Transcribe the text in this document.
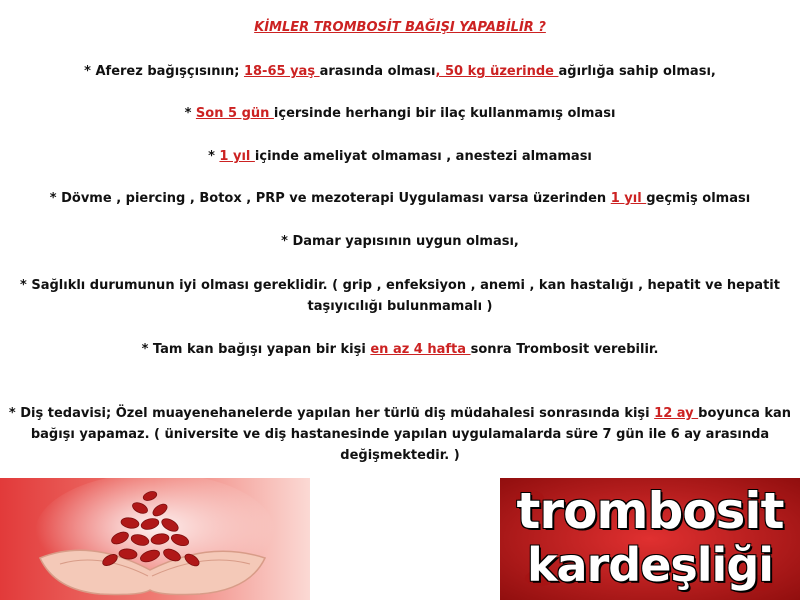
KİMLER TROMBOSİT BAĞIŞI YAPABİLİR ?
* Aferez bağışçısının; 18-65 yaş arasında olması, 50 kg üzerinde ağırlığa sahip olması,
* Son 5 gün içersinde herhangi bir ilaç kullanmamış olması
* 1 yıl içinde ameliyat olmaması , anestezi almaması
* Dövme , piercing , Botox , PRP ve mezoterapi Uygulaması varsa üzerinden 1 yıl geçmiş olması
* Damar yapısının uygun olması,
* Sağlıklı durumunun iyi olması gereklidir. ( grip , enfeksiyon , anemi , kan hastalığı , hepatit ve hepatit taşıyıcılığı bulunmamalı )
* Tam kan bağışı yapan bir kişi en az 4 hafta sonra Trombosit verebilir.
* Diş tedavisi; Özel muayenehanelerde yapılan her türlü diş müdahalesi sonrasında kişi 12 ay boyunca kan bağışı yapamaz. ( üniversite ve diş hastanesinde yapılan uygulamalarda süre 7 gün ile 6 ay arasında değişmektedir. )
trombosit
kardeşliği
